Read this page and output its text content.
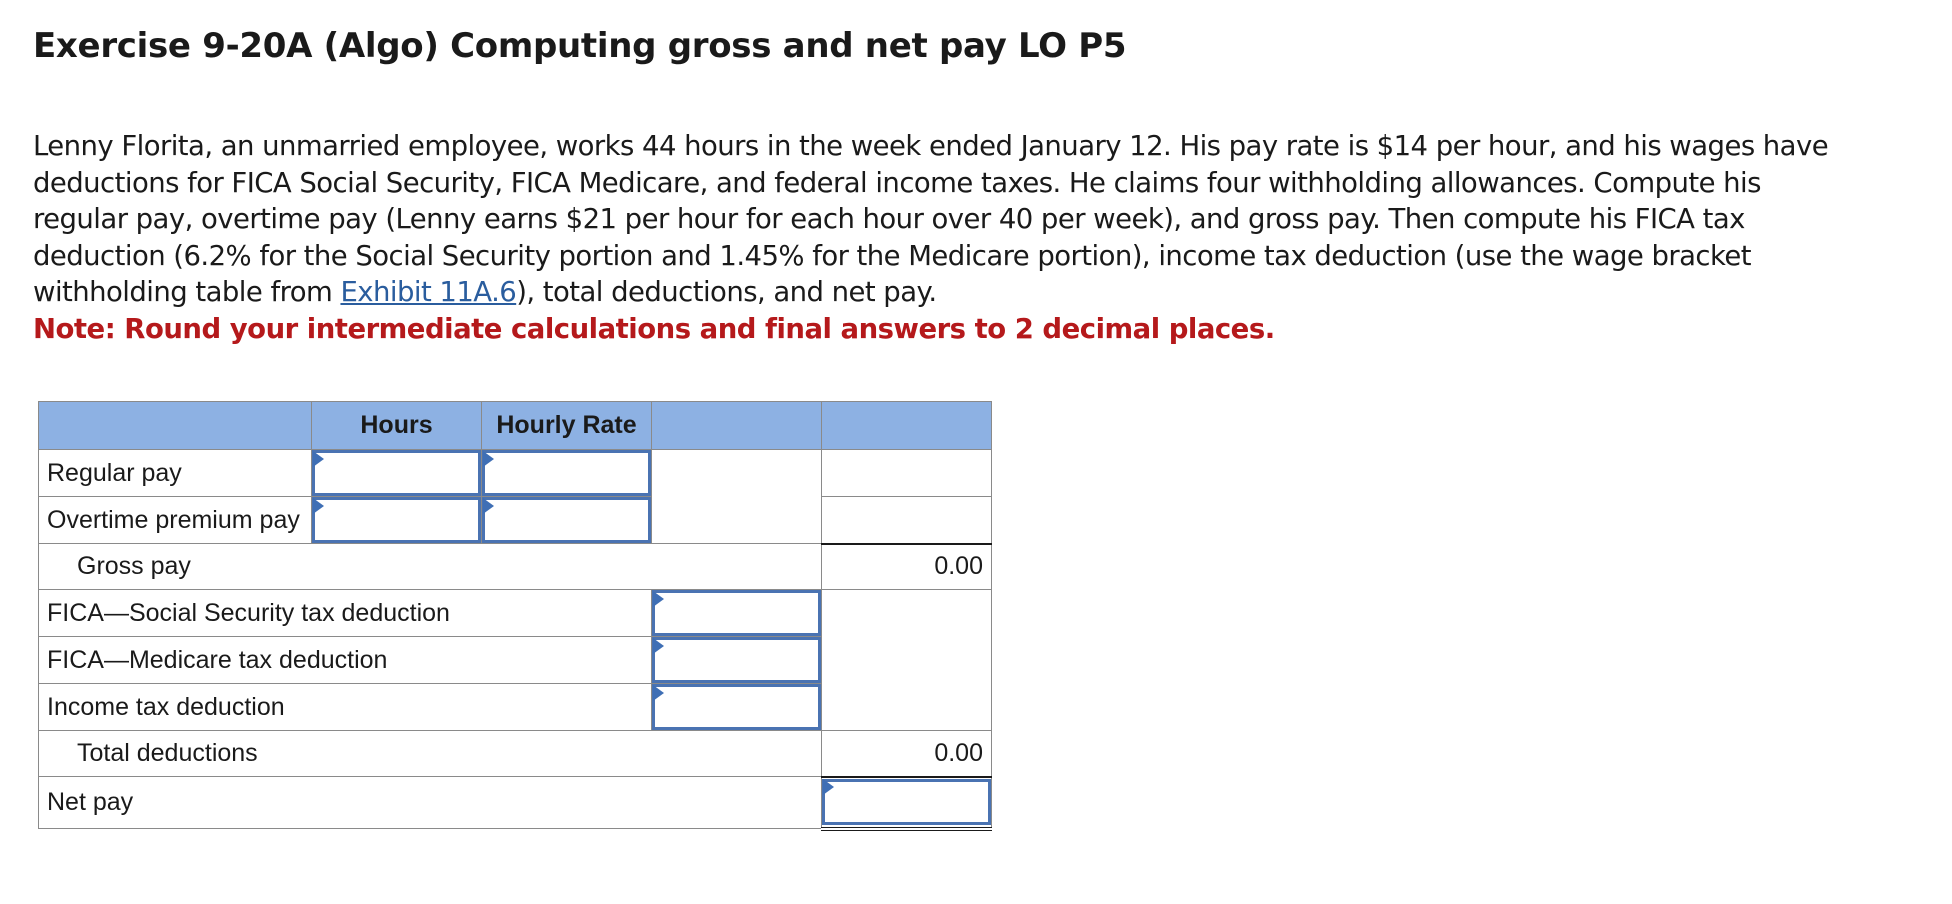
Exercise 9-20A (Algo) Computing gross and net pay LO P5
Lenny Florita, an unmarried employee, works 44 hours in the week ended January 12. His pay rate is $14 per hour, and his wages have
deductions for FICA Social Security, FICA Medicare, and federal income taxes. He claims four withholding allowances. Compute his
regular pay, overtime pay (Lenny earns $21 per hour for each hour over 40 per week), and gross pay. Then compute his FICA tax
deduction (6.2% for the Social Security portion and 1.45% for the Medicare portion), income tax deduction (use the wage bracket
withholding table from Exhibit 11A.6), total deductions, and net pay.
Note: Round your intermediate calculations and final answers to 2 decimal places.
	Hours	Hourly Rate		
Regular pay	

Overtime premium pay	

Gross pay				0.00
FICA—Social Security tax deduction	

FICA—Medicare tax deduction	

Income tax deduction	

Total deductions				0.00
Net pay	
